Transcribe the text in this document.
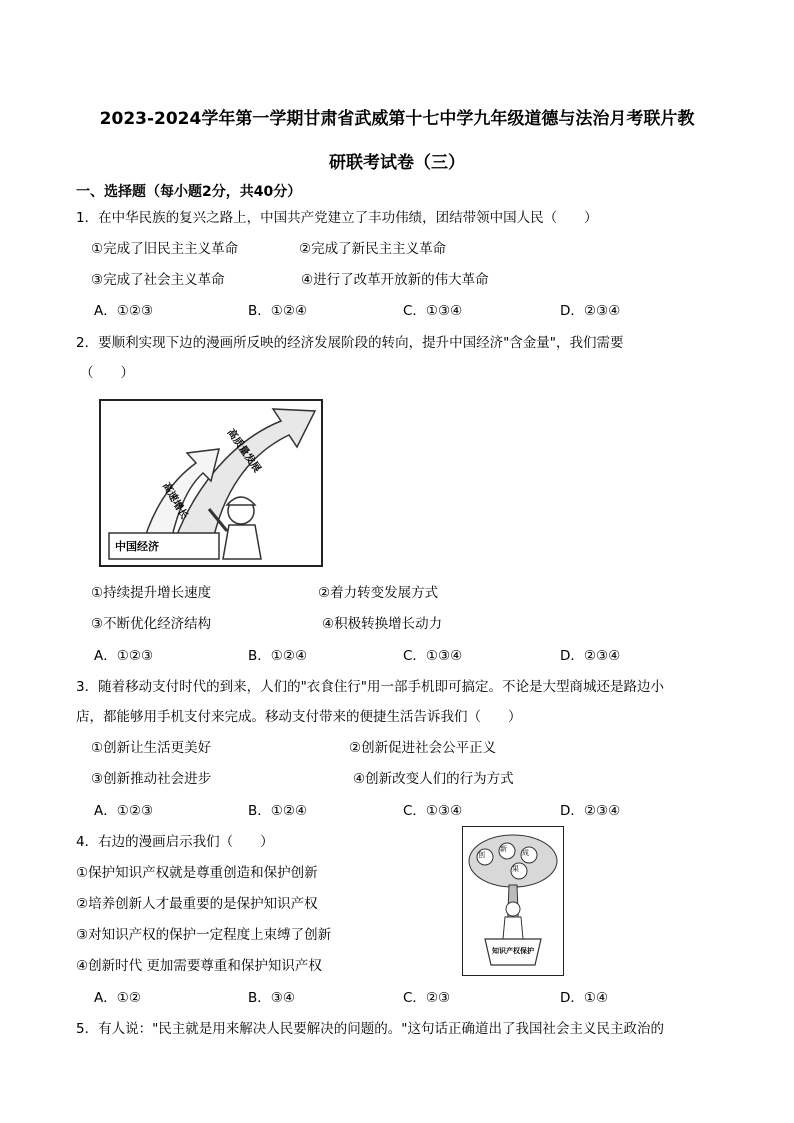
2023-2024学年第一学期甘肃省武威第十七中学九年级道德与法治月考联片教
研联考试卷（三）
一、选择题（每小题2分，共40分）
1．在中华民族的复兴之路上，中国共产党建立了丰功伟绩，团结带领中国人民（　　）
①完成了旧民主主义革命	②完成了新民主主义革命
③完成了社会主义革命	④进行了改革开放新的伟大革命
A．①②③	B．①②④	C．①③④	D．②③④
2．要顺利实现下边的漫画所反映的经济发展阶段的转向，提升中国经济"含金量"，我们需要
（　　）
中国经济
高速增长
高质量发展
①持续提升增长速度	②着力转变发展方式
③不断优化经济结构	④积极转换增长动力
A．①②③	B．①②④	C．①③④	D．②③④
3．随着移动支付时代的到来，人们的"衣食住行"用一部手机即可搞定。不论是大型商城还是路边小
店，都能够用手机支付来完成。移动支付带来的便捷生活告诉我们（　　）
①创新让生活更美好	②创新促进社会公平正义
③创新推动社会进步	④创新改变人们的行为方式
A．①②③	B．①②④	C．①③④	D．②③④
4．右边的漫画启示我们（　　）
①保护知识产权就是尊重创造和保护创新
②培养创新人才最重要的是保护知识产权
③对知识产权的保护一定程度上束缚了创新
④创新时代 更加需要尊重和保护知识产权
创
新 成
果
知识产权保护
A．①②	B．③④	C．②③	D．①④
5．有人说："民主就是用来解决人民要解决的问题的。"这句话正确道出了我国社会主义民主政治的
